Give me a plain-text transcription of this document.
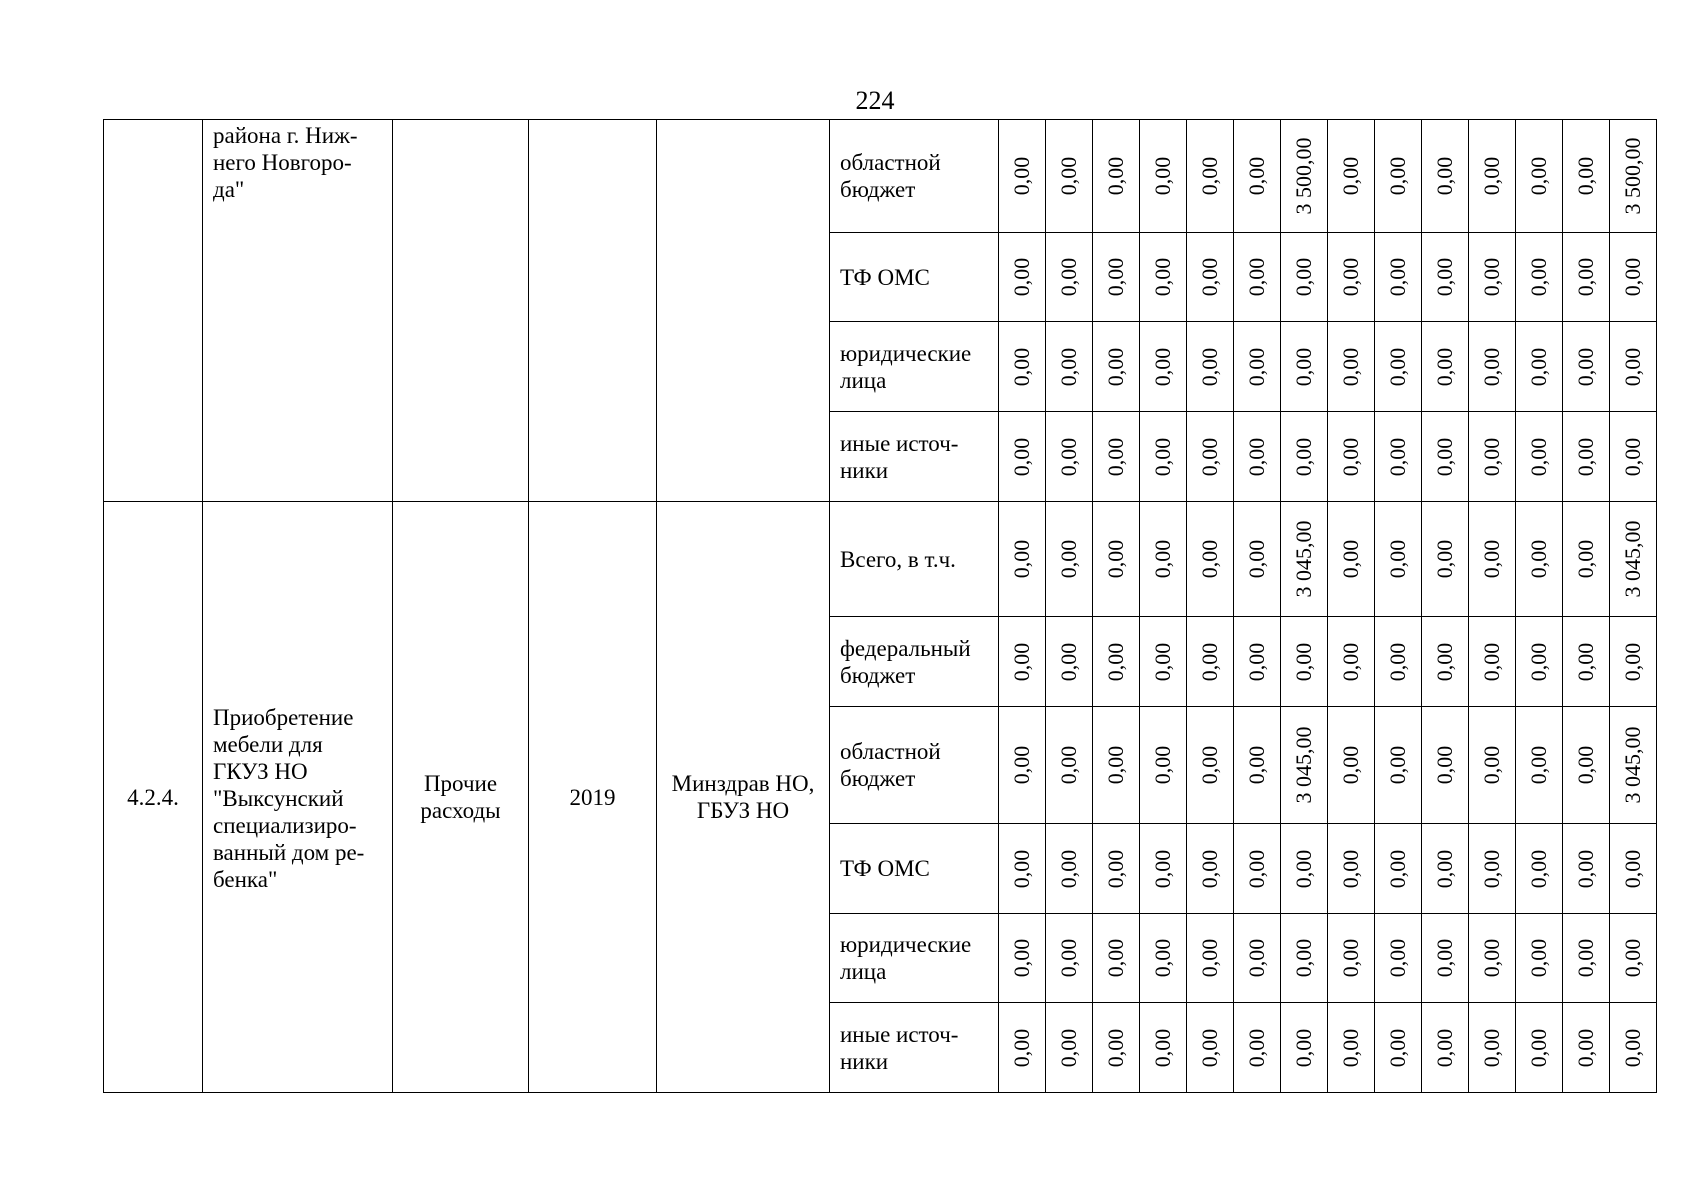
224
	района г. Ниж-
него Новгоро-
да"				областной бюджет	0,00	0,00	0,00	0,00	0,00	0,00	3 500,00	0,00	0,00	0,00	0,00	0,00	0,00	3 500,00

					ТФ ОМС	0,00	0,00	0,00	0,00	0,00	0,00	0,00	0,00	0,00	0,00	0,00	0,00	0,00	0,00

					юридические лица	0,00	0,00	0,00	0,00	0,00	0,00	0,00	0,00	0,00	0,00	0,00	0,00	0,00	0,00

					иные источ-ники	0,00	0,00	0,00	0,00	0,00	0,00	0,00	0,00	0,00	0,00	0,00	0,00	0,00	0,00

4.2.4.	Приобретение мебели для ГКУЗ НО "Выксунский специализиро-ванный дом ре-бенка"	Прочие расходы	2019	Минздрав НО, ГБУЗ НО	Всего, в т.ч.	0,00	0,00	0,00	0,00	0,00	0,00	3 045,00	0,00	0,00	0,00	0,00	0,00	0,00	3 045,00

					федеральный бюджет	0,00	0,00	0,00	0,00	0,00	0,00	0,00	0,00	0,00	0,00	0,00	0,00	0,00	0,00

					областной бюджет	0,00	0,00	0,00	0,00	0,00	0,00	3 045,00	0,00	0,00	0,00	0,00	0,00	0,00	3 045,00

					ТФ ОМС	0,00	0,00	0,00	0,00	0,00	0,00	0,00	0,00	0,00	0,00	0,00	0,00	0,00	0,00

					юридические лица	0,00	0,00	0,00	0,00	0,00	0,00	0,00	0,00	0,00	0,00	0,00	0,00	0,00	0,00

					иные источ-ники	0,00	0,00	0,00	0,00	0,00	0,00	0,00	0,00	0,00	0,00	0,00	0,00	0,00	0,00
